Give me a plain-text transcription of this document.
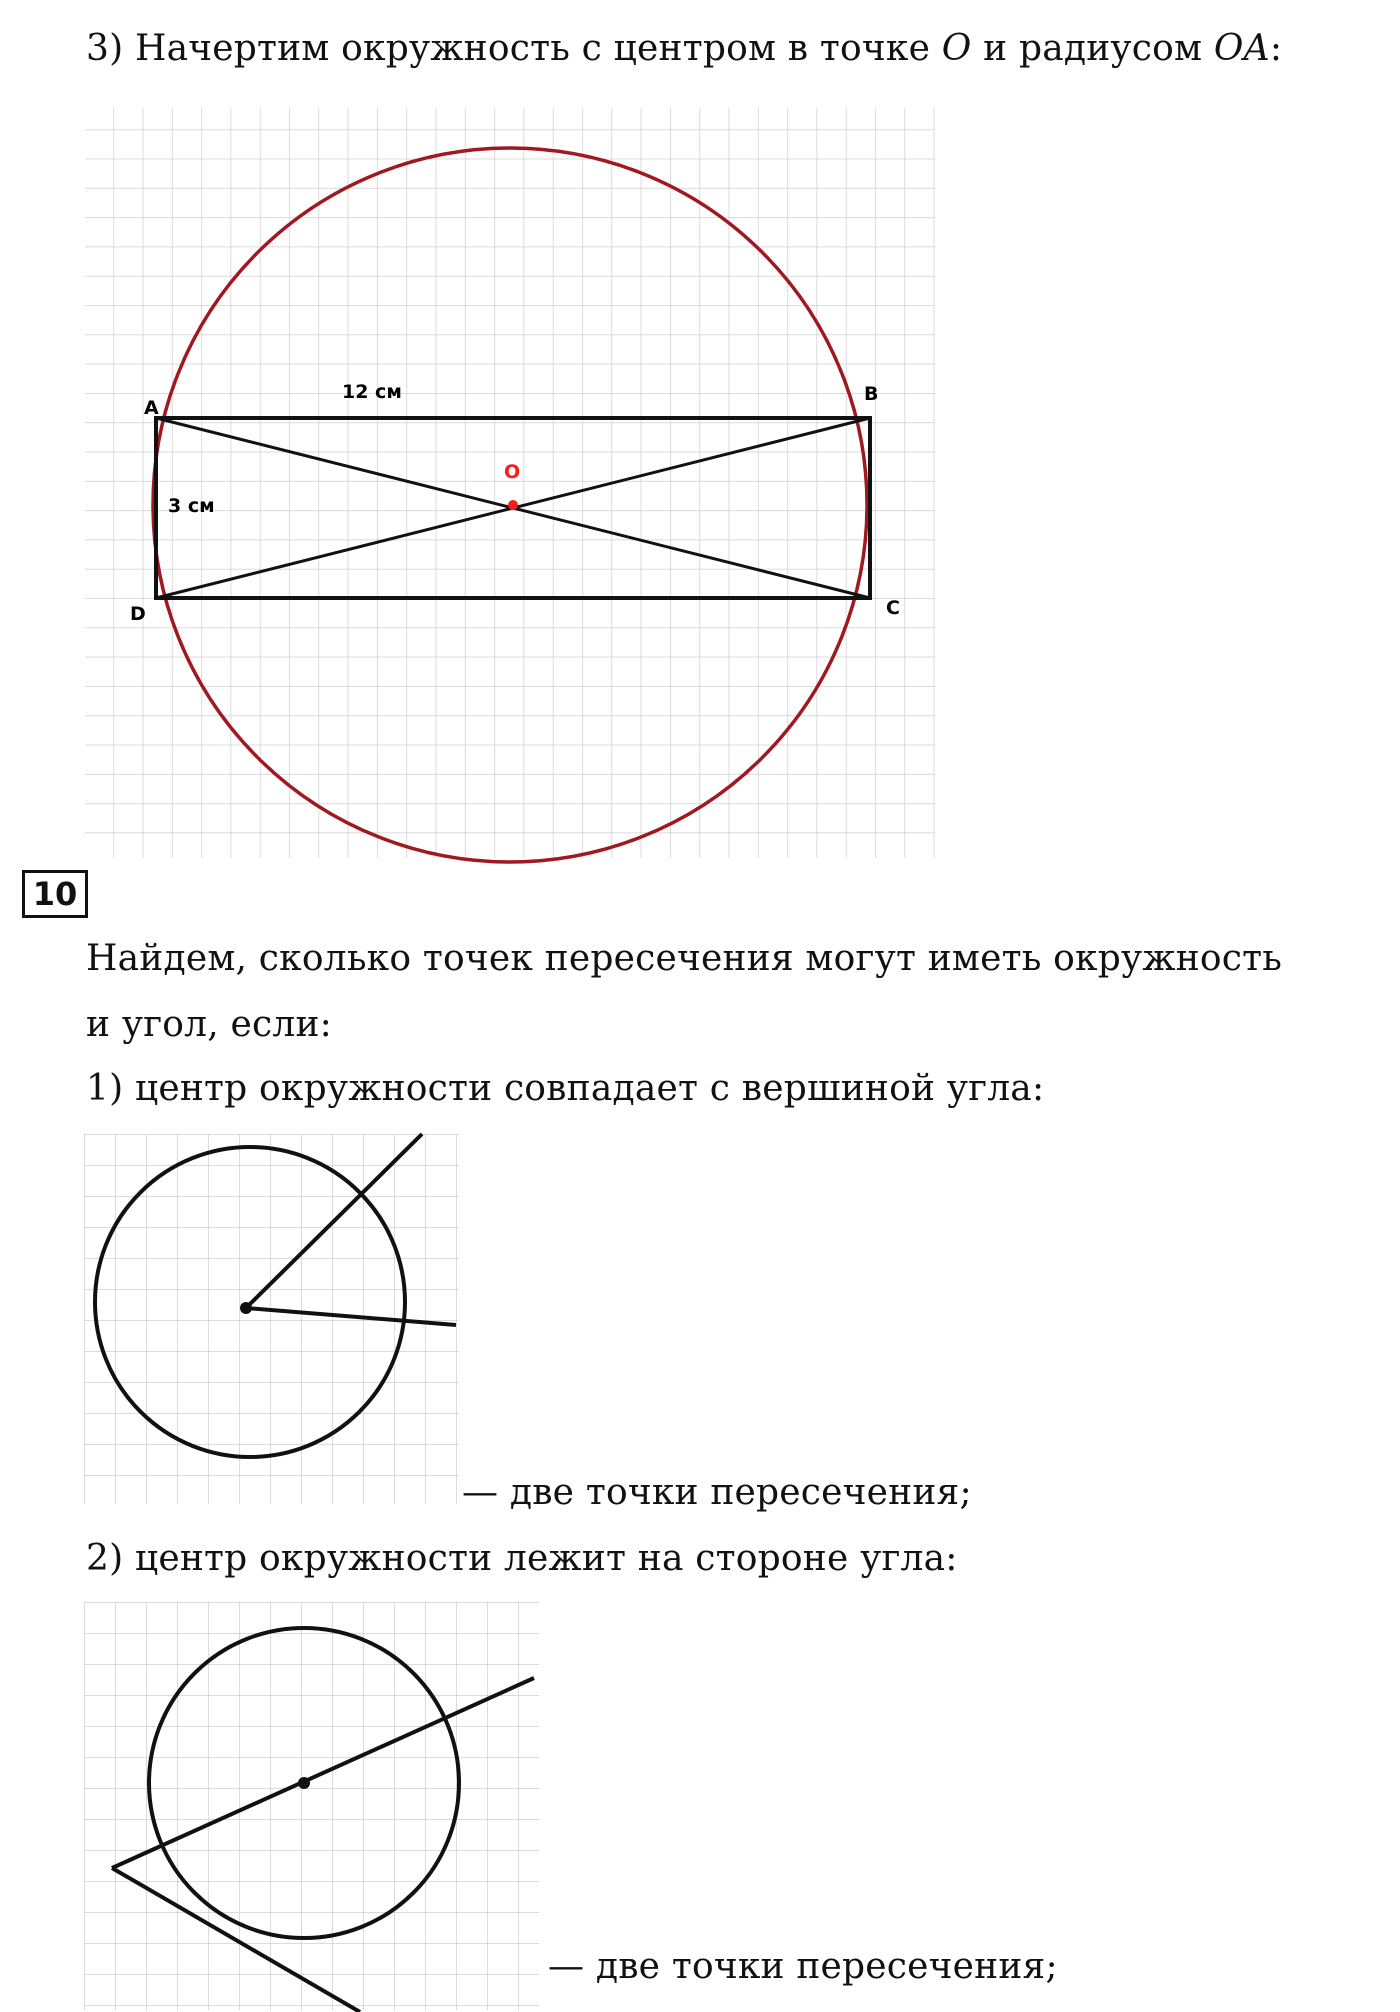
3) Начертим окружность с центром в точке O и радиусом OA:
A
B
C
D
O
12 см
3 см
10
Найдем, сколько точек пересечения могут иметь окружность
и угол, если:
1) центр окружности совпадает с вершиной угла:
— две точки пересечения;
2) центр окружности лежит на стороне угла:
— две точки пересечения;
